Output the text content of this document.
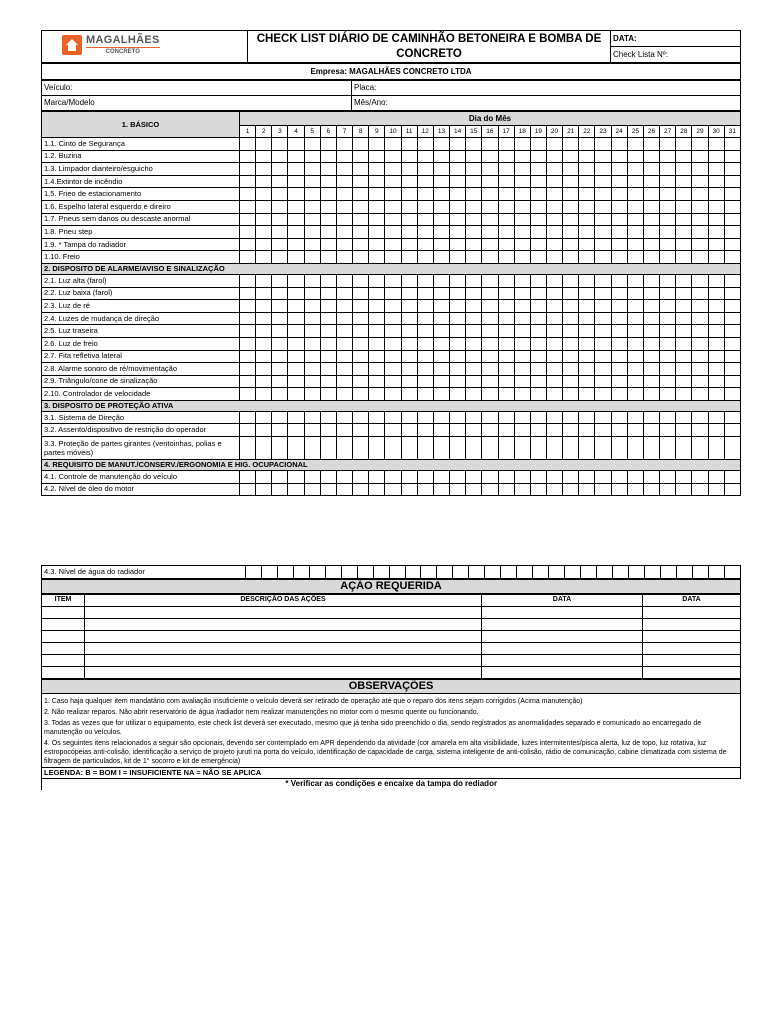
MAGALHÃES
CONCRETO
	CHECK LIST DIÁRIO DE CAMINHÃO BETONEIRA E BOMBA DE CONCRETO	DATA:
Check Lista Nº:
Empresa: MAGALHÃES CONCRETO LTDA
Veículo:	Placa:
Marca/Modelo	Mês/Ano:
1. BÁSICO	Dia do Mês																														
	1	2	3	4	5	6	7	8	9	10	11	12	13	14	15	16	17	18	19	20	21	22	23	24	25	26	27	28	29	30	31
1.1. Cinto de Segurança																															
1.2. Buzina																															
1.3. Limpador dianteiro/esguicho																															
1.4.Extintor de incêndio																															
1.5. Frieo de estacionamento																															
1.6. Espelho lateral esquerdo e direiro																															
1.7. Pneus sem danos ou descaste anormal																															
1.8. Pneu step																															
1.9. * Tampa do radiador																															
1.10. Freio																															
2. DISPOSITO DE ALARME/AVISO E SINALIZAÇÃO																															
2.1. Luz alta (farol)																															
2.2. Luz baixa (farol)																															
2.3. Luz de ré																															
2.4. Luzes de mudança de direção																															
2.5. Luz traseira																															
2.6. Luz de freio																															
2.7. Fita refletiva lateral																															
2.8. Alarme sonoro de ré/movimentação																															
2.9. Triângulo/cone de sinalização																															
2.10. Controlador de velocidade																															
3. DISPOSITO DE PROTEÇÃO ATIVA																															
3.1. Sistema de Direção																															
3.2. Assento/dispositivo de restrição do operador																															
3.3. Proteção de partes girantes (ventoinhas, polias e partes móveis)																															
4. REQUISITO DE MANUT./CONSERV./ERGONOMIA E HIG. OCUPACIONAL																															
4.1. Controle de manutenção do veículo																															
4.2. Nível de óleo do motor																															
4.3. Nível de água do radiador																															
AÇÃO REQUERIDA
ITEM	DESCRIÇÃO DAS AÇÕES	DATA	DATA

OBSERVAÇÕES
1. Caso haja qualquer item mandatário com avaliação insuficiente o veículo deverá ser retirado de operação até que o reparo dos itens sejam corrigidos (Acima manutenção)
2. Não realizar reparos. Não abrir reservatório de água /radiador nem realizar manutenções no motor com o mesmo quente ou funcionando.
3. Todas as vezes que for utilizar o equipamento, este check list deverá ser executado, mesmo que já tenha sido preenchido o dia, sendo registrados as anormalidades separado e comunicado ao encarregado de manutenção ou veículos.
4. Os seguintes itens relacionados a seguir são opcionais, devendo ser contemplado em APR dependendo da atividade (cor amarela em alta visibilidade, luzes intermitentes/pisca alerta, luz de topo, luz rotativa, luz estropocópeias anti-colisão, identificação a serviço de projeto juruti na porta do veículo, identificação de capacidade de carga, sistema inteligente de anti-colisão, rádio de comunicação, cabine climatizada com sistema de filtragem de particulados, kit de 1° socorro e kit de emergência)
LEGENDA: B = BOM I = INSUFICIENTE NA = NÃO SE APLICA
* Verificar as condições e encaixe da tampa do rediador
